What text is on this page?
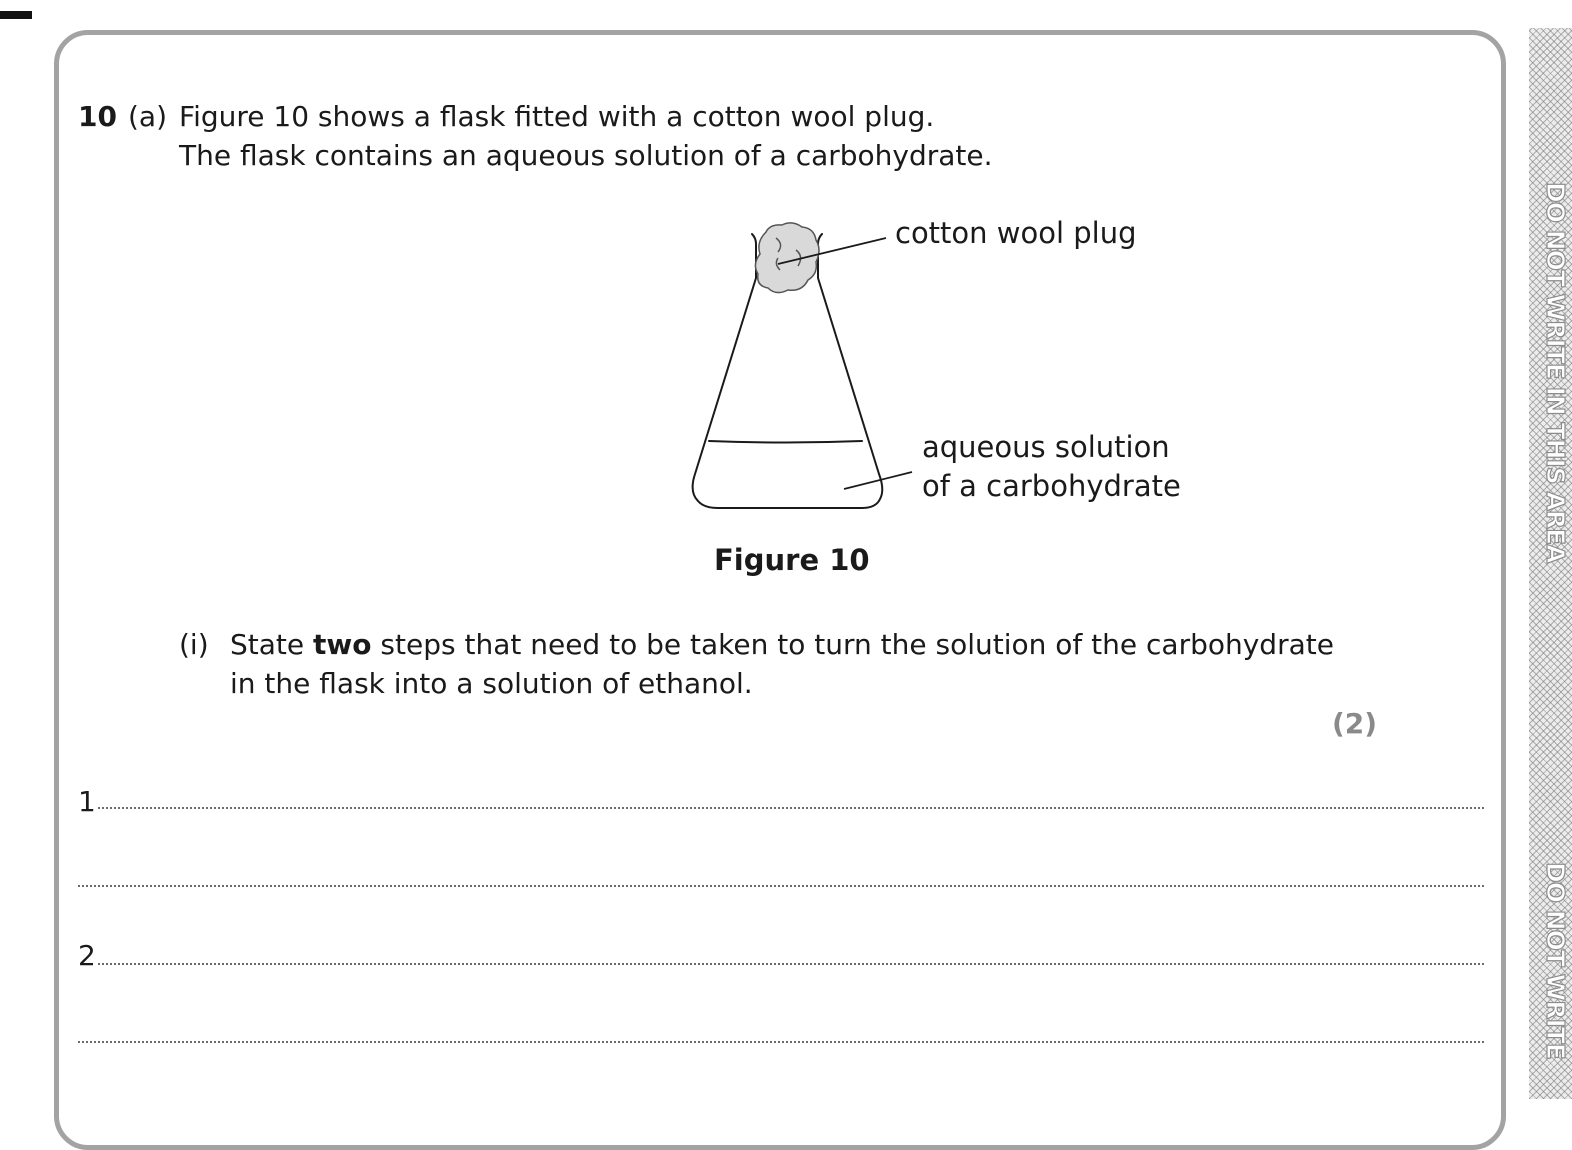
DO NOT WRITE IN THIS AREA
DO NOT WRITE

10 (a) Figure 10 shows a flask fitted with a cotton wool plug.

The flask contains an aqueous solution of a carbohydrate.

cotton wool plug
aqueous solution
of a carbohydrate
Figure 10

(i) State two steps that need to be taken to turn the solution of the carbohydrate

in the flask into a solution of ethanol.

(2)
1
2
